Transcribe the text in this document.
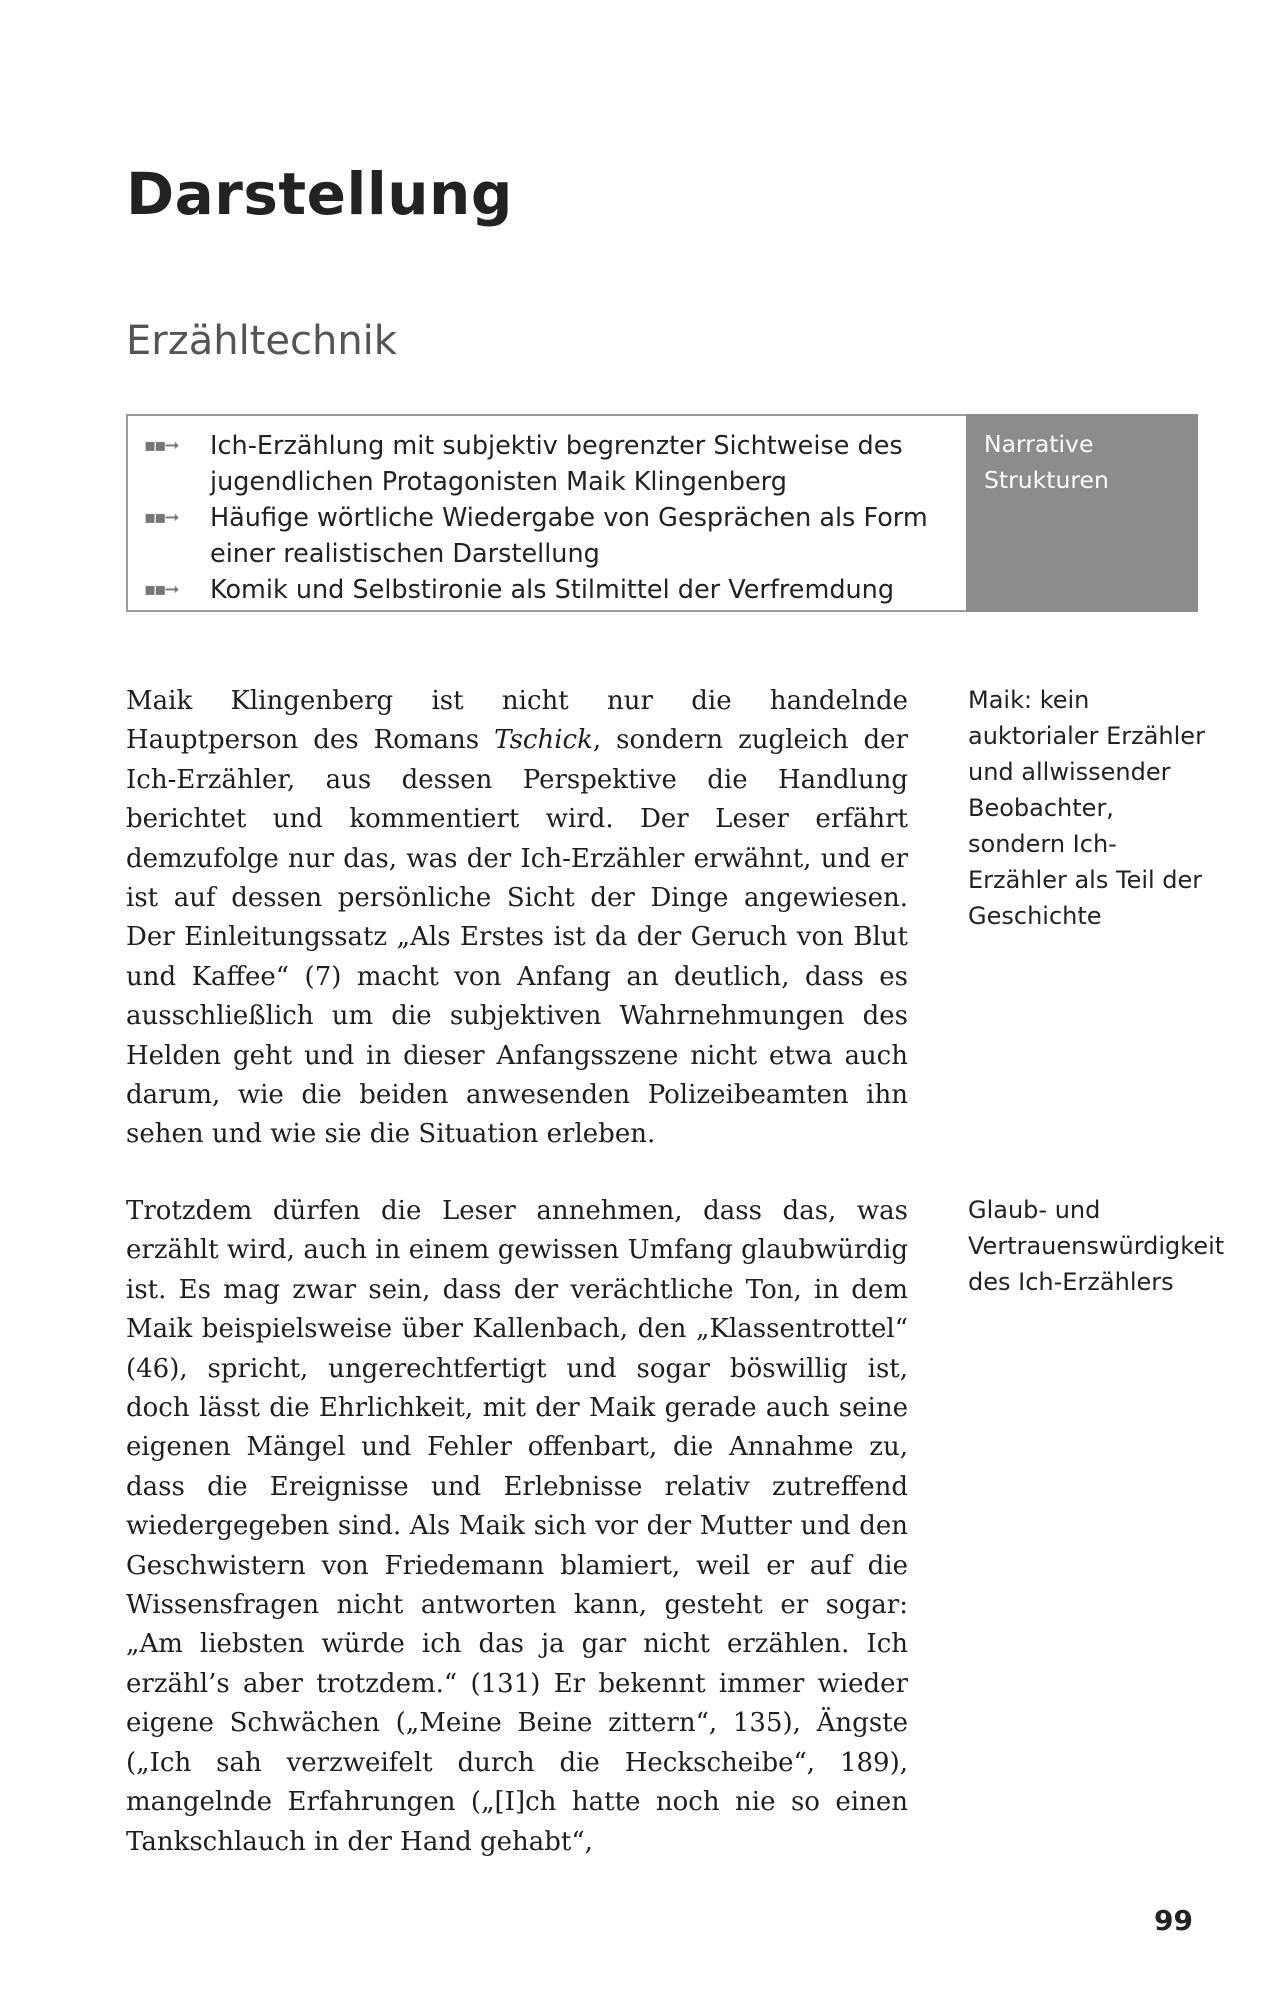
Darstellung
Erzähltechnik
▪▪➞ Ich-Erzählung mit subjektiv begrenzter Sichtweise des jugendlichen Protagonisten Maik Klingenberg
▪▪➞ Häufige wörtliche Wiedergabe von Gesprächen als Form einer realistischen Darstellung
▪▪➞ Komik und Selbstironie als Stilmittel der Verfremdung
Narrative
Strukturen

Maik Klingenberg ist nicht nur die handelnde Hauptperson des Romans Tschick, sondern zugleich der Ich-Erzähler, aus dessen Perspektive die Handlung berichtet und kommentiert wird. Der Leser erfährt demzufolge nur das, was der Ich-Erzähler erwähnt, und er ist auf dessen persönliche Sicht der Dinge angewiesen. Der Einleitungssatz „Als Erstes ist da der Geruch von Blut und Kaffee“ (7) macht von Anfang an deutlich, dass es ausschließlich um die subjektiven Wahrnehmungen des Helden geht und in dieser Anfangsszene nicht etwa auch darum, wie die beiden anwesenden Polizeibeamten ihn sehen und wie sie die Situation erleben.

Maik: kein auktorialer Erzähler und allwissender Beobachter, sondern Ich-Erzähler als Teil der Geschichte

Trotzdem dürfen die Leser annehmen, dass das, was erzählt wird, auch in einem gewissen Umfang glaubwürdig ist. Es mag zwar sein, dass der verächtliche Ton, in dem Maik beispielsweise über Kallenbach, den „Klassentrottel“ (46), spricht, ungerechtfertigt und sogar böswillig ist, doch lässt die Ehrlichkeit, mit der Maik gerade auch seine eigenen Mängel und Fehler offenbart, die Annahme zu, dass die Ereignisse und Erlebnisse relativ zutreffend wiedergegeben sind. Als Maik sich vor der Mutter und den Geschwistern von Friedemann blamiert, weil er auf die Wissensfragen nicht antworten kann, gesteht er sogar: „Am liebsten würde ich das ja gar nicht erzählen. Ich erzähl’s aber trotzdem.“ (131) Er bekennt immer wieder eigene Schwächen („Meine Beine zittern“, 135), Ängste („Ich sah verzweifelt durch die Heckscheibe“, 189), mangelnde Erfahrungen („[I]ch hatte noch nie so einen Tankschlauch in der Hand gehabt“,

Glaub- und Vertrauenswürdigkeit des Ich-Erzählers
99
